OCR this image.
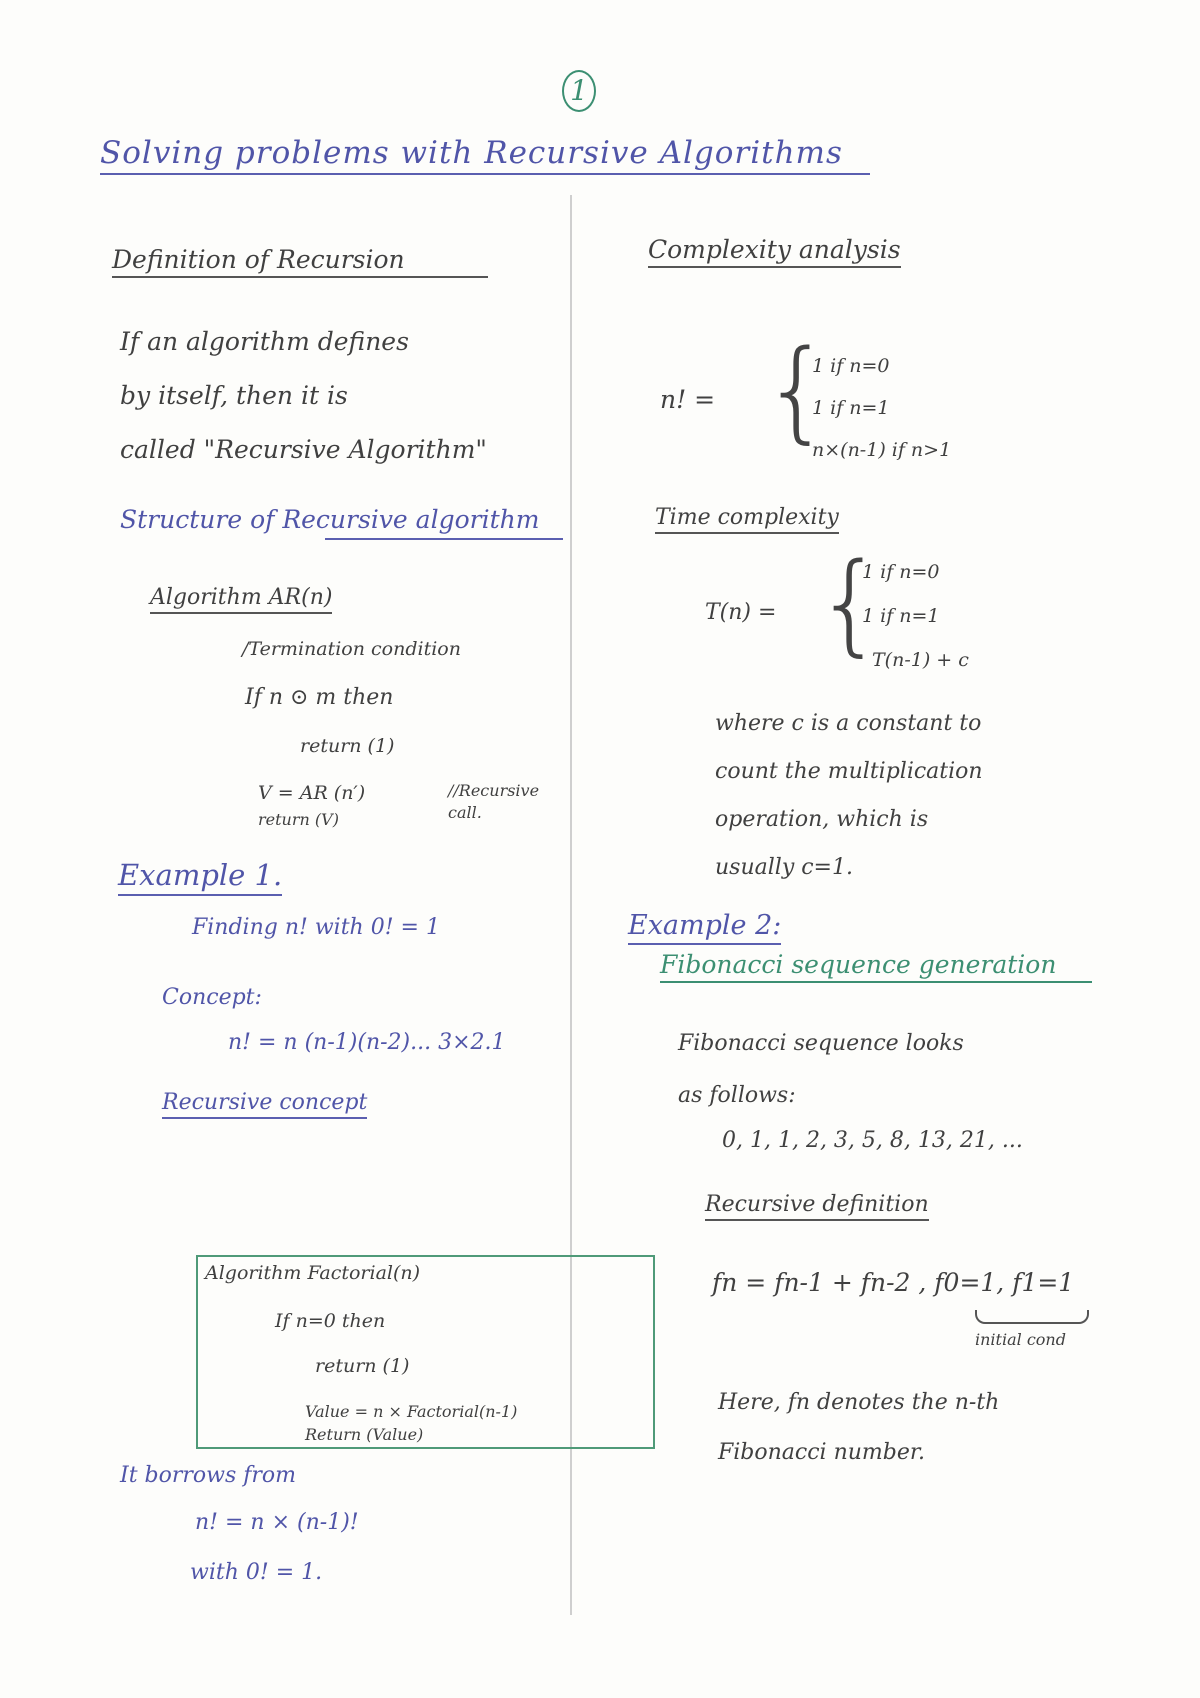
1
Solving problems with Recursive Algorithms
Definition of Recursion
If an algorithm defines
by itself, then it is
called "Recursive Algorithm"
Structure of Recursive algorithm
Algorithm AR(n)
/Termination condition
If n ⊙ m then
return (1)
V = AR (n′)
return (V)
//Recursive call.
Example 1.
Finding n! with 0! = 1
Concept:
n! = n (n-1)(n-2)... 3×2.1
Recursive concept
Algorithm Factorial(n)
If n=0 then
return (1)
Value = n × Factorial(n-1)
Return (Value)
It borrows from
n! = n × (n-1)!
with 0! = 1.
Complexity analysis
n! = {
1 if n=0
1 if n=1
n×(n-1) if n>1
Time complexity
T(n) = {
1 if n=0
1 if n=1
T(n-1) + c
where c is a constant to
count the multiplication
operation, which is
usually c=1.
Example 2:
Fibonacci sequence generation
Fibonacci sequence looks
as follows:
0, 1, 1, 2, 3, 5, 8, 13, 21, ...
Recursive definition
fn = fn-1 + fn-2 , f0=1, f1=1
initial cond
Here, fn denotes the n-th
Fibonacci number.
